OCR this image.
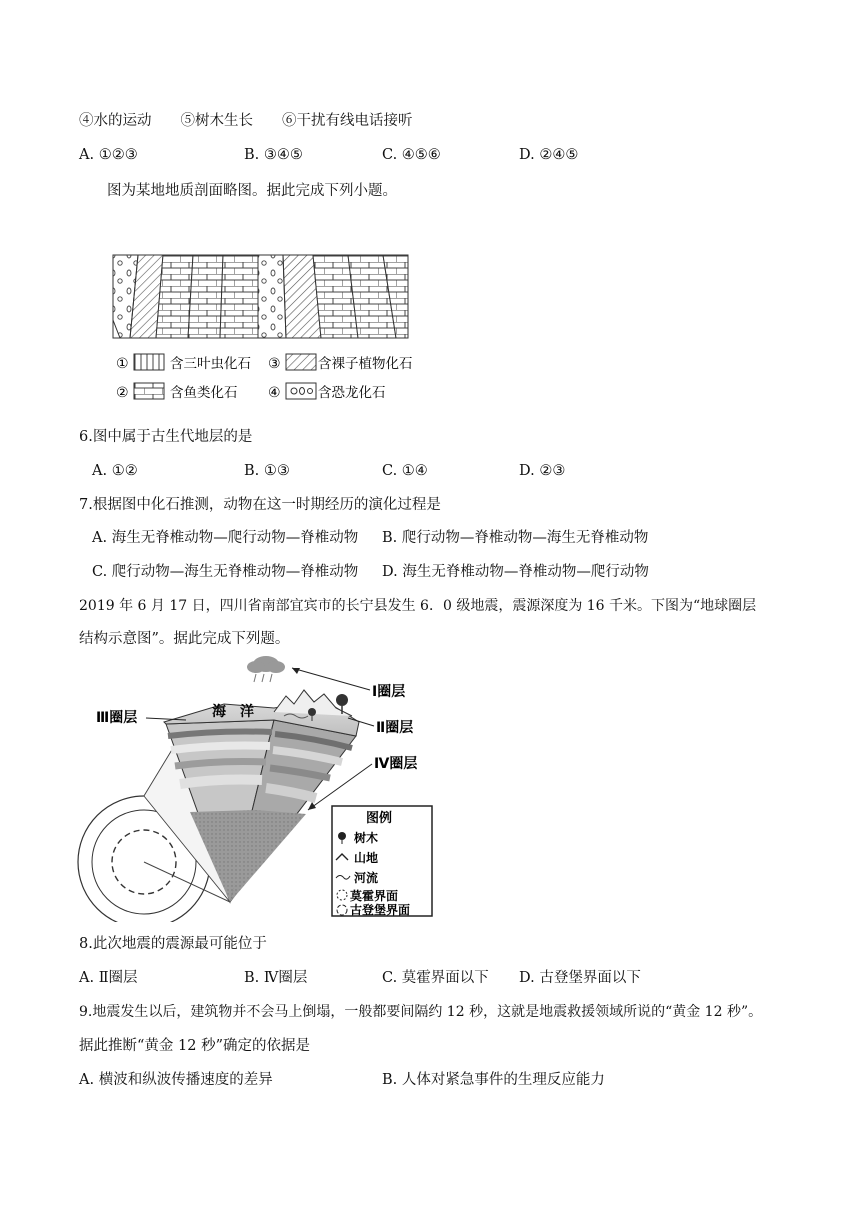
④水的运动　　⑤树木生长　　⑥干扰有线电话接听
A. ①②③	B. ③④⑤	C. ④⑤⑥	D. ②④⑤
图为某地地质剖面略图。据此完成下列小题。
①	含三叶虫化石 ③	含裸子植物化石
②	含鱼类化石 ④	含恐龙化石
6.图中属于古生代地层的是
A. ①②	B. ①③	C. ①④	D. ②③
7.根据图中化石推测，动物在这一时期经历的演化过程是
A. 海生无脊椎动物—爬行动物—脊椎动物 B. 爬行动物—脊椎动物—海生无脊椎动物
C. 爬行动物—海生无脊椎动物—脊椎动物 D. 海生无脊椎动物—脊椎动物—爬行动物
2019 年 6 月 17 日，四川省南部宜宾市的长宁县发生 6．0 级地震，震源深度为 16 千米。下图为“地球圈层
结构示意图”。据此完成下列题。
Ⅰ圈层
Ⅱ圈层
Ⅲ圈层	海　洋
Ⅳ圈层
图例
树木
山地
河流
莫霍界面
古登堡界面
8.此次地震的震源最可能位于
A. Ⅱ圈层	B. Ⅳ圈层	C. 莫霍界面以下 D. 古登堡界面以下
9.地震发生以后，建筑物并不会马上倒塌，一般都要间隔约 12 秒，这就是地震救援领域所说的“黄金 12 秒”。
据此推断“黄金 12 秒”确定的依据是
A. 横波和纵波传播速度的差异	B. 人体对紧急事件的生理反应能力
